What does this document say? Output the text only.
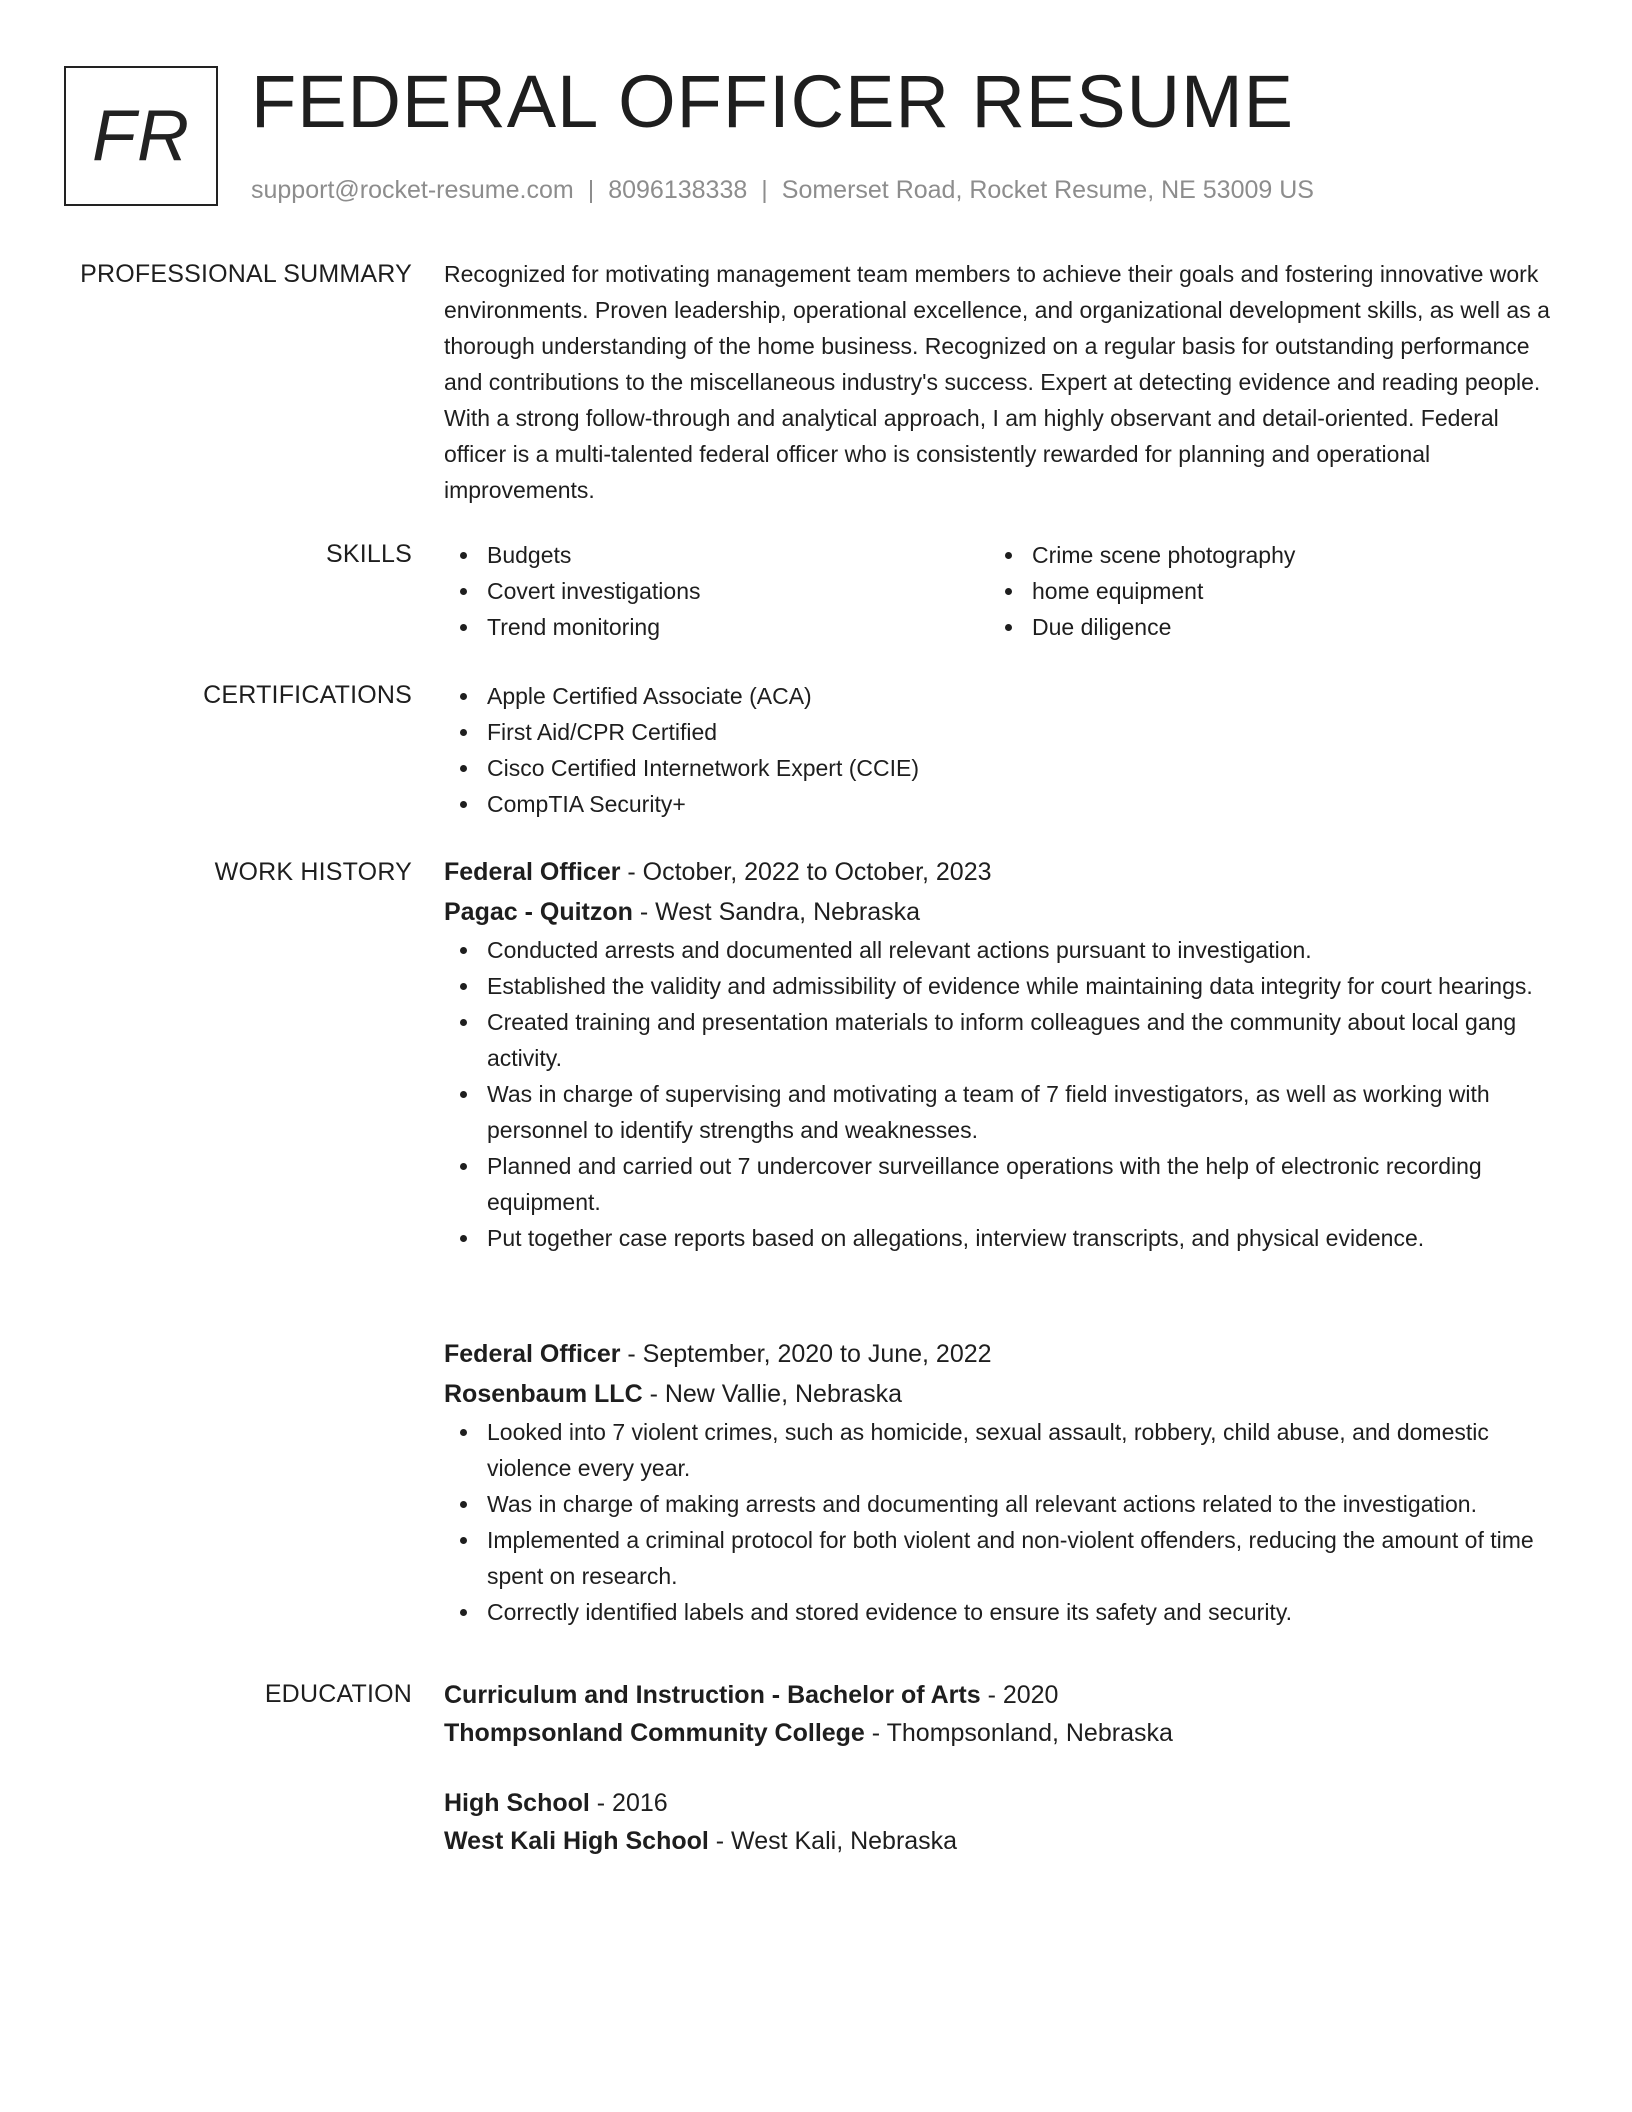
FR FEDERAL OFFICER RESUME
support@rocket-resume.com | 8096138338 | Somerset Road, Rocket Resume, NE 53009 US
PROFESSIONAL SUMMARY Recognized for motivating management team members to achieve their goals and fostering innovative work environments. Proven leadership, operational excellence, and organizational development skills, as well as a thorough understanding of the home business. Recognized on a regular basis for outstanding performance and contributions to the miscellaneous industry's success. Expert at detecting evidence and reading people. With a strong follow-through and analytical approach, I am highly observant and detail-oriented. Federal officer is a multi-talented federal officer who is consistently rewarded for planning and operational improvements.

SKILLS	Budgets
Covert investigations
Trend monitoring
Crime scene photography
home equipment
Due diligence
CERTIFICATIONS	Apple Certified Associate (ACA)
First Aid/CPR Certified
Cisco Certified Internetwork Expert (CCIE)
CompTIA Security+
WORK HISTORY Federal Officer - October, 2022 to October, 2023
Pagac - Quitzon - West Sandra, Nebraska
Conducted arrests and documented all relevant actions pursuant to investigation.
Established the validity and admissibility of evidence while maintaining data integrity for court hearings.
Created training and presentation materials to inform colleagues and the community about local gang activity.
Was in charge of supervising and motivating a team of 7 field investigators, as well as working with personnel to identify strengths and weaknesses.
Planned and carried out 7 undercover surveillance operations with the help of electronic recording equipment.
Put together case reports based on allegations, interview transcripts, and physical evidence.
Federal Officer - September, 2020 to June, 2022
Rosenbaum LLC - New Vallie, Nebraska
Looked into 7 violent crimes, such as homicide, sexual assault, robbery, child abuse, and domestic violence every year.
Was in charge of making arrests and documenting all relevant actions related to the investigation.
Implemented a criminal protocol for both violent and non-violent offenders, reducing the amount of time spent on research.
Correctly identified labels and stored evidence to ensure its safety and security.
EDUCATION Curriculum and Instruction - Bachelor of Arts - 2020
Thompsonland Community College - Thompsonland, Nebraska
High School - 2016
West Kali High School - West Kali, Nebraska
